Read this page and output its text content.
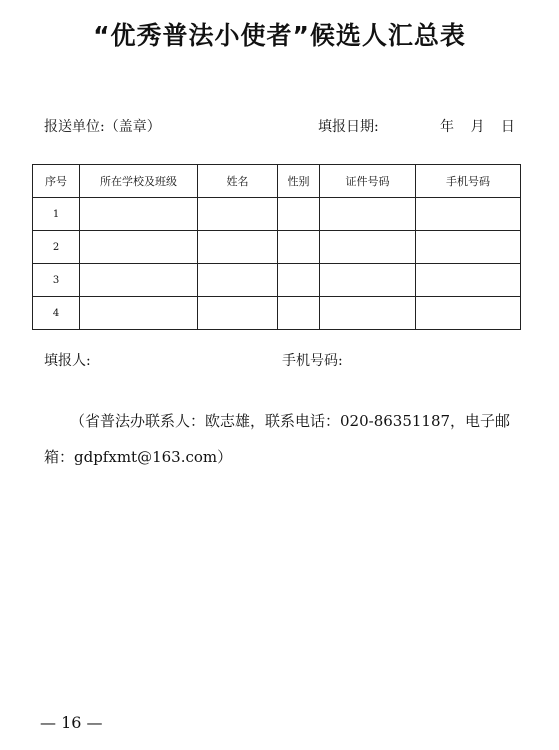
“优秀普法小使者”候选人汇总表
报送单位:（盖章）	填报日期:	年 月 日
序号	所在学校及班级	姓名	性别	证件号码	手机号码
1					
2					
3					
4					
填报人:	手机号码:
（省普法办联系人：欧志雄，联系电话：020-86351187，电子邮箱：gdpfxmt@163.com）
— 16 —
